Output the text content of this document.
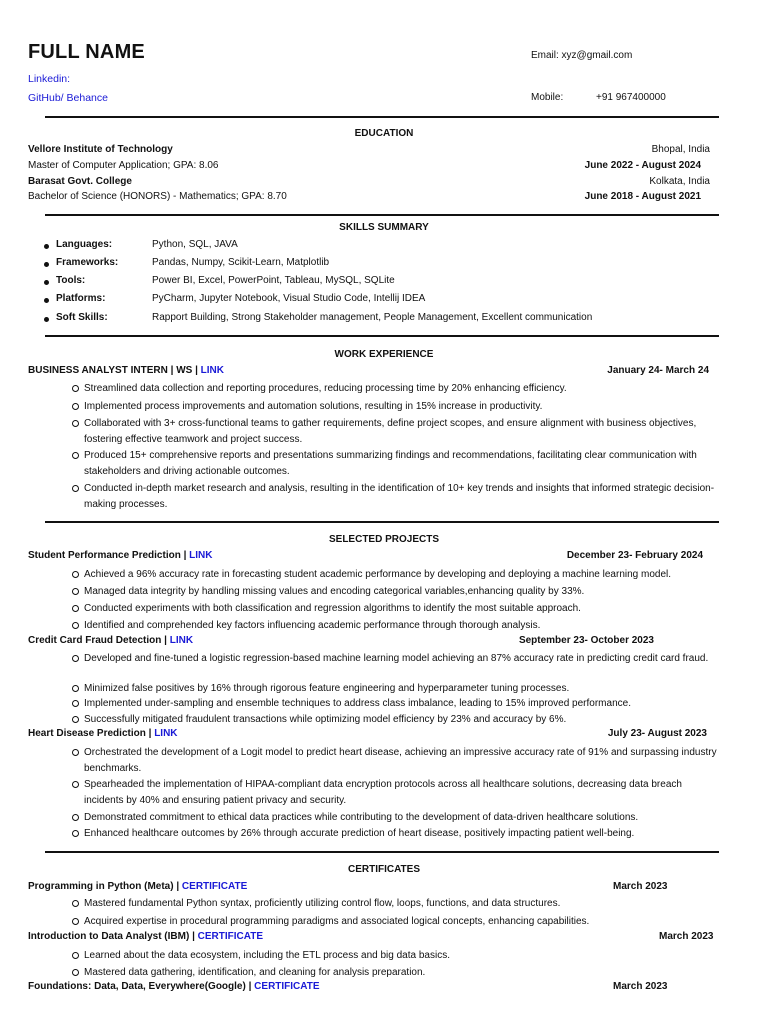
FULL NAME	Email: xyz@gmail.com
Linkedin:
GitHub/ Behance	Mobile:	+91 967400000
EDUCATION
Vellore Institute of Technology	Bhopal, India
Master of Computer Application; GPA: 8.06	June 2022 - August 2024
Barasat Govt. College	Kolkata, India
Bachelor of Science (HONORS) - Mathematics; GPA: 8.70	June 2018 - August 2021
SKILLS SUMMARY
Languages:	Python, SQL, JAVA
Frameworks:	Pandas, Numpy, Scikit-Learn, Matplotlib
Tools:	Power BI, Excel, PowerPoint, Tableau, MySQL, SQLite
Platforms:	PyCharm, Jupyter Notebook, Visual Studio Code, Intellij IDEA
Soft Skills:	Rapport Building, Strong Stakeholder management, People Management, Excellent communication
WORK EXPERIENCE
BUSINESS ANALYST INTERN | WS | LINK	January 24- March 24
Streamlined data collection and reporting procedures, reducing processing time by 20% enhancing efficiency.
Implemented process improvements and automation solutions, resulting in 15% increase in productivity.
Collaborated with 3+ cross-functional teams to gather requirements, define project scopes, and ensure alignment with business objectives, fostering effective teamwork and project success.
Produced 15+ comprehensive reports and presentations summarizing findings and recommendations, facilitating clear communication with stakeholders and driving actionable outcomes.
Conducted in-depth market research and analysis, resulting in the identification of 10+ key trends and insights that informed strategic decision-making processes.
SELECTED PROJECTS
Student Performance Prediction | LINK	December 23- February 2024
Achieved a 96% accuracy rate in forecasting student academic performance by developing and deploying a machine learning model.
Managed data integrity by handling missing values and encoding categorical variables,enhancing quality by 33%.
Conducted experiments with both classification and regression algorithms to identify the most suitable approach.
Identified and comprehended key factors influencing academic performance through thorough analysis.
Credit Card Fraud Detection | LINK	September 23- October 2023
Developed and fine-tuned a logistic regression-based machine learning model achieving an 87% accuracy rate in predicting credit card fraud.
Minimized false positives by 16% through rigorous feature engineering and hyperparameter tuning processes.
Implemented under-sampling and ensemble techniques to address class imbalance, leading to 15% improved performance.
Successfully mitigated fraudulent transactions while optimizing model efficiency by 23% and accuracy by 6%.
Heart Disease Prediction | LINK	July 23- August 2023
Orchestrated the development of a Logit model to predict heart disease, achieving an impressive accuracy rate of 91% and surpassing industry benchmarks.
Spearheaded the implementation of HIPAA-compliant data encryption protocols across all healthcare solutions, decreasing data breach incidents by 40% and ensuring patient privacy and security.
Demonstrated commitment to ethical data practices while contributing to the development of data-driven healthcare solutions.
Enhanced healthcare outcomes by 26% through accurate prediction of heart disease, positively impacting patient well-being.
CERTIFICATES
Programming in Python (Meta) | CERTIFICATE	March 2023
Mastered fundamental Python syntax, proficiently utilizing control flow, loops, functions, and data structures.
Acquired expertise in procedural programming paradigms and associated logical concepts, enhancing capabilities.
Introduction to Data Analyst (IBM) | CERTIFICATE	March 2023
Learned about the data ecosystem, including the ETL process and big data basics.
Mastered data gathering, identification, and cleaning for analysis preparation.
Foundations: Data, Data, Everywhere(Google) | CERTIFICATE	March 2023
